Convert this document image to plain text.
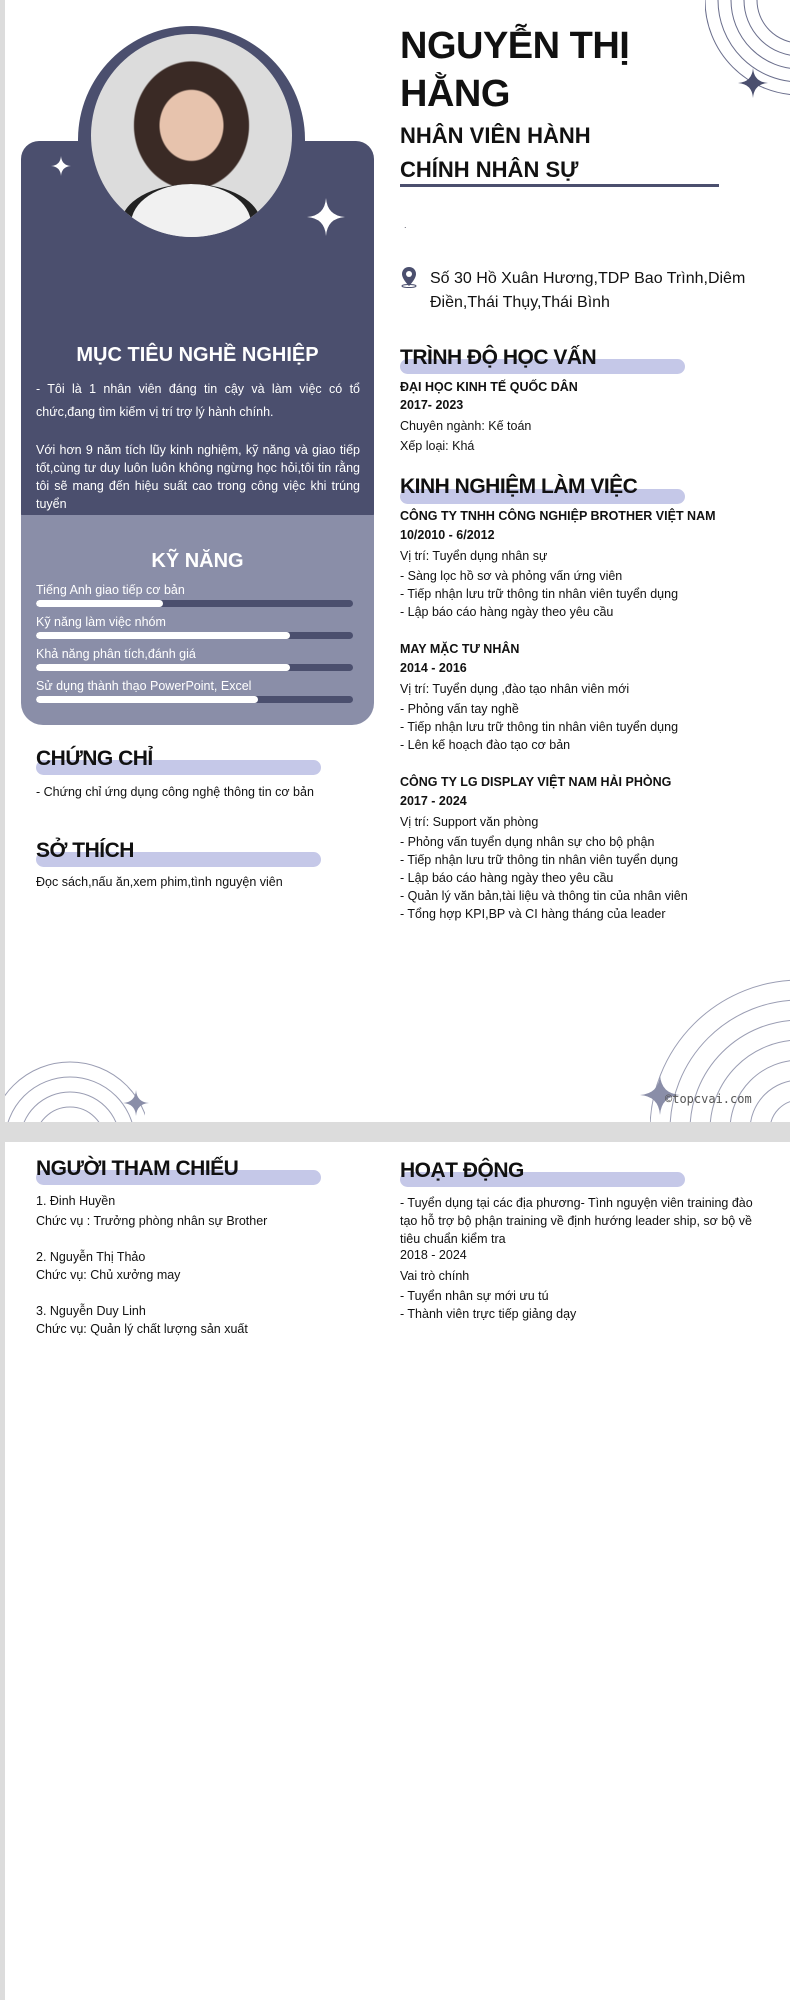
MỤC TIÊU NGHỀ NGHIỆP
- Tôi là 1 nhân viên đáng tin cậy và làm việc có tổ chức,đang tìm kiếm vị trí trợ lý hành chính.
Với hơn 9 năm tích lũy kinh nghiệm, kỹ năng và giao tiếp tốt,cùng tư duy luôn luôn không ngừng học hỏi,tôi tin rằng tôi sẽ mang đến hiệu suất cao trong công việc khi trúng tuyển
KỸ NĂNG
Tiếng Anh giao tiếp cơ bản
Kỹ năng làm việc nhóm
Khả năng phân tích,đánh giá
Sử dụng thành thạo PowerPoint, Excel
CHỨNG CHỈ
- Chứng chỉ ứng dụng công nghệ thông tin cơ bản
SỞ THÍCH
Đọc sách,nấu ăn,xem phim,tình nguyện viên
NGUYỄN THỊ
HẰNG
NHÂN VIÊN HÀNH
CHÍNH NHÂN SỰ
.
Số 30 Hồ Xuân Hương,TDP Bao Trình,Diêm
Điền,Thái Thụy,Thái Bình
TRÌNH ĐỘ HỌC VẤN
ĐẠI HỌC KINH TẾ QUỐC DÂN
2017- 2023
Chuyên ngành: Kế toán
Xếp loại: Khá
KINH NGHIỆM LÀM VIỆC
CÔNG TY TNHH CÔNG NGHIỆP BROTHER VIỆT NAM
10/2010 - 6/2012
Vị trí: Tuyển dụng nhân sự
- Sàng lọc hồ sơ và phỏng vấn ứng viên
- Tiếp nhận lưu trữ thông tin nhân viên tuyển dụng
- Lập báo cáo hàng ngày theo yêu cầu
MAY MẶC TƯ NHÂN
2014 - 2016
Vị trí: Tuyển dụng ,đào tạo nhân viên mới
- Phỏng vấn tay nghề
- Tiếp nhận lưu trữ thông tin nhân viên tuyển dụng
- Lên kế hoạch đào tạo cơ bản
CÔNG TY LG DISPLAY VIỆT NAM HẢI PHÒNG
2017 - 2024
Vị trí: Support văn phòng
- Phỏng vấn tuyển dụng nhân sự cho bộ phận
- Tiếp nhận lưu trữ thông tin nhân viên tuyển dụng
- Lập báo cáo hàng ngày theo yêu cầu
- Quản lý văn bản,tài liệu và thông tin của nhân viên
- Tổng hợp KPI,BP và CI hàng tháng của leader
©topcvai.com
NGƯỜI THAM CHIẾU
1. Đinh Huyền
Chức vụ : Trưởng phòng nhân sự Brother
2. Nguyễn Thị Thảo
Chức vụ: Chủ xưởng may
3. Nguyễn Duy Linh
Chức vụ: Quản lý chất lượng sản xuất
HOẠT ĐỘNG
- Tuyển dụng tại các địa phương- Tình nguyện viên training đào tạo hỗ trợ bộ phận training về định hướng leader ship, sơ bộ về tiêu chuẩn kiểm tra
2018 - 2024
Vai trò chính
- Tuyển nhân sự mới ưu tú
- Thành viên trực tiếp giảng dạy
